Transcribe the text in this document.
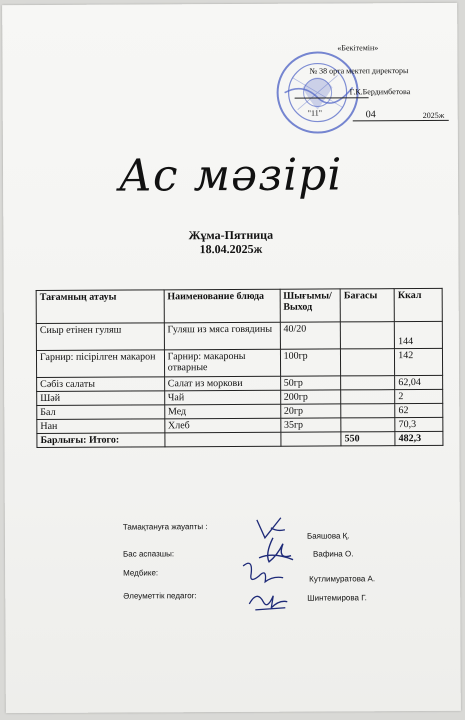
«Бекітемін»
№ 38 орта мектеп директоры
Г.К.Бердимбетова
"11"	04	2025ж
Ас мәзірі
Жұма-Пятница
18.04.2025ж
Тағамның атауы	Наименование блюда	Шығымы/ Выход	Бағасы	Ккал
Сиыр етінен гуляш	Гуляш из мяса говядины	40/20		144
Гарнир: пісірілген макарон	Гарнир: макароны отварные	100гр		142
Сәбіз салаты	Салат из моркови	50гр		62,04
Шәй	Чай	200гр		2
Бал	Мед	20гр		62
Нан	Хлеб	35гр		70,3
Барлығы: Итого:			550	482,3
Тамақтануға жауапты :
Баяшова Қ.
Бас аспазшы:	Вафина О.
Медбике:
Кутлимуратова А.
Әлеуметтік педагог:	Шинтемирова Г.
